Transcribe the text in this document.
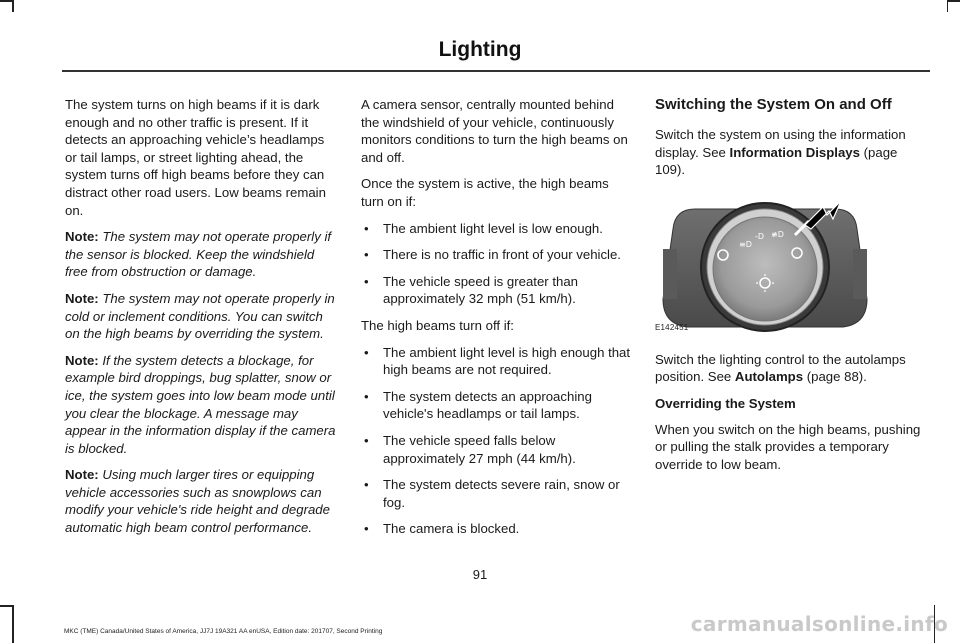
Lighting

The system turns on high beams if it is dark enough and no other traffic is present. If it detects an approaching vehicle’s headlamps or tail lamps, or street lighting ahead, the system turns off high beams before they can distract other road users. Low beams remain on.

Note: The system may not operate properly if the sensor is blocked. Keep the windshield free from obstruction or damage.

Note: The system may not operate properly in cold or inclement conditions. You can switch on the high beams by overriding the system.

Note: If the system detects a blockage, for example bird droppings, bug splatter, snow or ice, the system goes into low beam mode until you clear the blockage. A message may appear in the information display if the camera is blocked.

Note: Using much larger tires or equipping vehicle accessories such as snowplows can modify your vehicle's ride height and degrade automatic high beam control performance.

A camera sensor, centrally mounted behind the windshield of your vehicle, continuously monitors conditions to turn the high beams on and off.

Once the system is active, the high beams turn on if:

• The ambient light level is low enough.
• There is no traffic in front of your vehicle.
• The vehicle speed is greater than approximately 32 mph (51 km/h).

The high beams turn off if:

• The ambient light level is high enough that high beams are not required.
• The system detects an approaching vehicle's headlamps or tail lamps.
• The vehicle speed falls below approximately 27 mph (44 km/h).
• The system detects severe rain, snow or fog.
• The camera is blocked.
Switching the System On and Off

Switch the system on using the information display. See Information Displays (page 109).

≡D
-D ≢D
E142451

Switch the lighting control to the autolamps position. See Autolamps (page 88).

Overriding the System

When you switch on the high beams, pushing or pulling the stalk provides a temporary override to low beam.

91
MKC (TME) Canada/United States of America, JJ7J 19A321 AA enUSA, Edition date: 201707, Second Printing	carmanualsonline.info
